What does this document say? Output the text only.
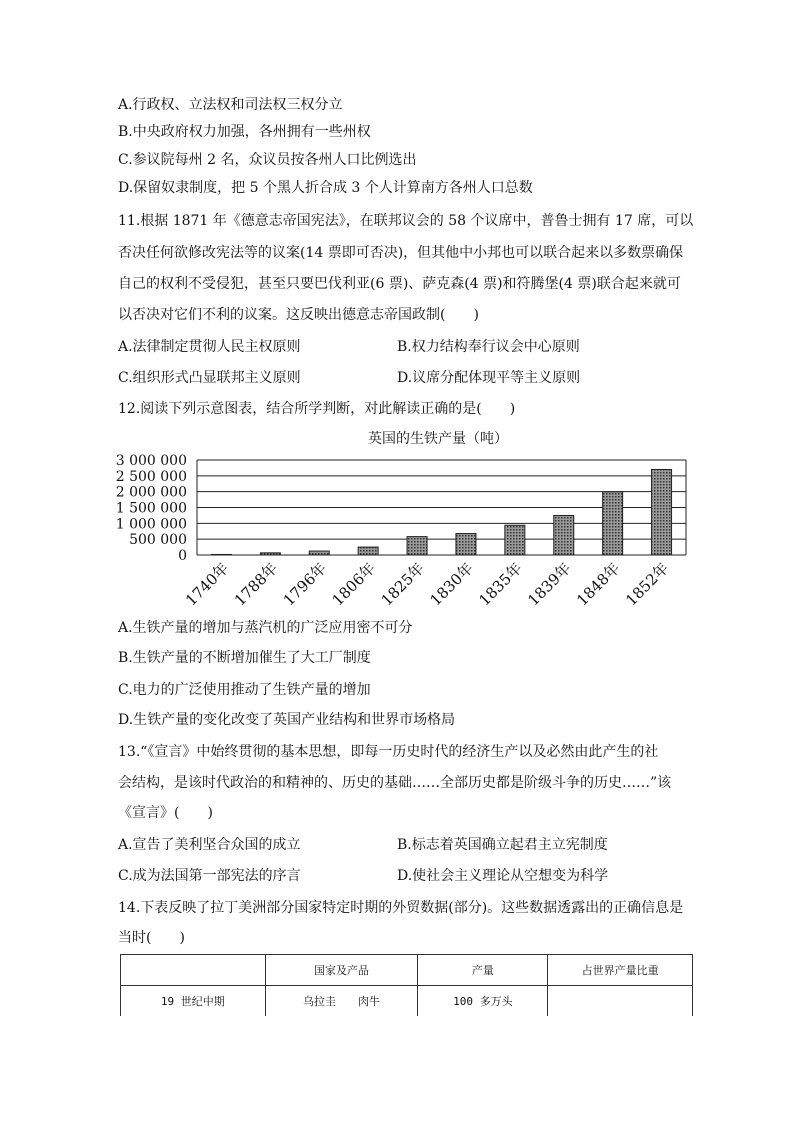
A.行政权、立法权和司法权三权分立
B.中央政府权力加强，各州拥有一些州权
C.参议院每州 2 名，众议员按各州人口比例选出
D.保留奴隶制度，把 5 个黑人折合成 3 个人计算南方各州人口总数
11.根据 1871 年《德意志帝国宪法》，在联邦议会的 58 个议席中，普鲁士拥有 17 席，可以
否决任何欲修改宪法等的议案(14 票即可否决)，但其他中小邦也可以联合起来以多数票确保
自己的权利不受侵犯，甚至只要巴伐利亚(6 票)、萨克森(4 票)和符腾堡(4 票)联合起来就可
以否决对它们不利的议案。这反映出德意志帝国政制(　　)
A.法律制定贯彻人民主权原则	B.权力结构奉行议会中心原则
C.组织形式凸显联邦主义原则	D.议席分配体现平等主义原则
12.阅读下列示意图表，结合所学判断，对此解读正确的是(　　)
英国的生铁产量（吨）
0
500 000
1 000 000
1 500 000
2 000 000
2 500 000
3 000 000
1740年
1788年
1796年
1806年
1825年
1830年
1835年
1839年
1848年
1852年
A.生铁产量的增加与蒸汽机的广泛应用密不可分
B.生铁产量的不断增加催生了大工厂制度
C.电力的广泛使用推动了生铁产量的增加
D.生铁产量的变化改变了英国产业结构和世界市场格局
13.“《宣言》中始终贯彻的基本思想，即每一历史时代的经济生产以及必然由此产生的社
会结构，是该时代政治的和精神的、历史的基础……全部历史都是阶级斗争的历史……”该
《宣言》(　　)
A.宣告了美利坚合众国的成立	B.标志着英国确立起君主立宪制度
C.成为法国第一部宪法的序言	D.使社会主义理论从空想变为科学
14.下表反映了拉丁美洲部分国家特定时期的外贸数据(部分)。这些数据透露出的正确信息是
当时(　　)
	国家及产品	产量	占世界产量比重
19 世纪中期	乌拉圭　　肉牛	100 多万头	
